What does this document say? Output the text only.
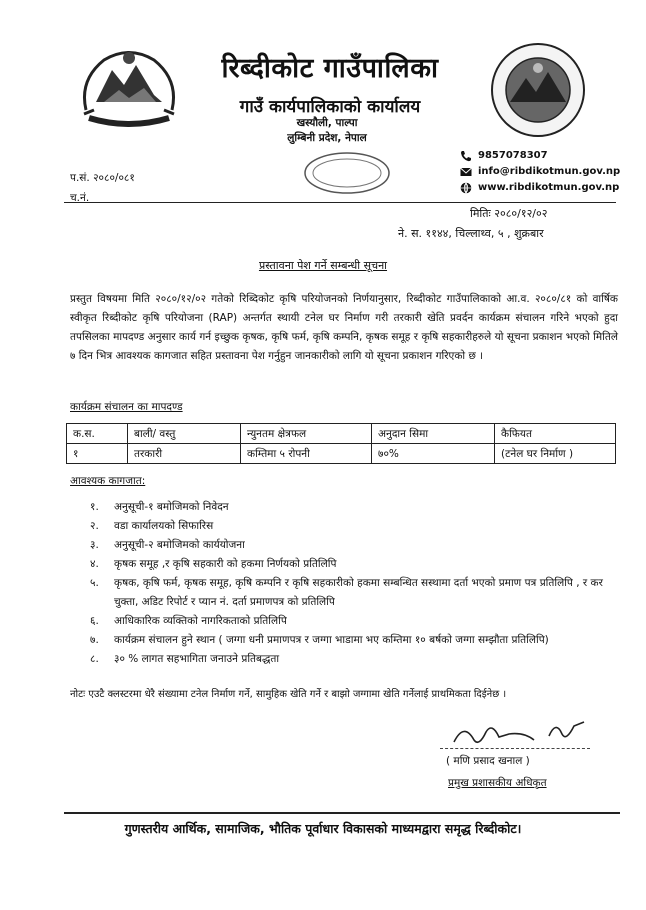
रिब्दीकोट गाउँपालिका
गाउँ कार्यपालिकाको कार्यालय
खस्यौली, पाल्पा
लुम्बिनी प्रदेश, नेपाल
9857078307
info@ribdikotmun.gov.np
www.ribdikotmun.gov.np
प.सं. २०८०/०८१
च.नं.
मितिः २०८०/१२/०२
ने. स. ११४४, चिल्लाथ्व, ५ , शुक्रबार
प्रस्तावना पेश गर्ने सम्बन्धी सूचना
प्रस्तुत विषयमा मिति २०८०/१२/०२ गतेको रिब्दिकोट कृषि परियोजनको निर्णयानुसार, रिब्दीकोट गाउँपालिकाको आ.व. २०८०/८१ को वार्षिक स्वीकृत रिब्दीकोट कृषि परियोजना (RAP) अन्तर्गत स्थायी टनेल घर निर्माण गरी तरकारी खेति प्रवर्दन कार्यक्रम संचालन गरिने भएको हुदा तपसिलका मापदण्ड अनुसार कार्य गर्न इच्छुक कृषक, कृषि फर्म, कृषि कम्पनि, कृषक समूह र कृषि सहकारीहरुले यो सूचना प्रकाशन भएको मितिले ७ दिन भित्र आवश्यक कागजात सहित प्रस्तावना पेश गर्नुहुन जानकारीको लागि यो सूचना प्रकाशन गरिएको छ ।
कार्यक्रम संचालन का मापदण्ड
क.स.	बाली/ वस्तु	न्युनतम क्षेत्रफल	अनुदान सिमा	कैफियत
१	तरकारी	कम्तिमा ५ रोपनी	७०%	(टनेल घर निर्माण )
आवश्यक कागजात:
१.	अनुसूची-१ बमोजिमको निवेदन
२.	वडा कार्यालयको सिफारिस
३.	अनुसूची-२ बमोजिमको कार्ययोजना
४.	कृषक समूह ,र कृषि सहकारी को हकमा निर्णयको प्रतिलिपि
५.	कृषक, कृषि फर्म, कृषक समूह, कृषि कम्पनि र कृषि सहकारीको हकमा सम्बन्धित सस्थामा दर्ता भएको प्रमाण पत्र प्रतिलिपि , र कर चुक्ता, अडिट रिपोर्ट र प्यान नं. दर्ता प्रमाणपत्र को प्रतिलिपि
६.	आधिकारिक व्यक्तिको नागरिकताको प्रतिलिपि
७.	कार्यक्रम संचालन हुने स्थान ( जग्गा धनी प्रमाणपत्र र जग्गा भाडामा भए कम्तिमा १० बर्षको जग्गा सम्झौता प्रतिलिपि)
८.	३० % लागत सहभागिता जनाउने प्रतिबद्धता
नोटः एउटै क्लस्टरमा धेरै संख्यामा टनेल निर्माण गर्ने, सामुहिक खेति गर्ने र बाझो जग्गामा खेति गर्नेलाई प्राथमिकता दिईनेछ ।
( मणि प्रसाद खनाल )
प्रमुख प्रशासकीय अधिकृत
गुणस्तरीय आर्थिक, सामाजिक, भौतिक पूर्वाधार विकासको माध्यमद्वारा समृद्ध रिब्दीकोट।
